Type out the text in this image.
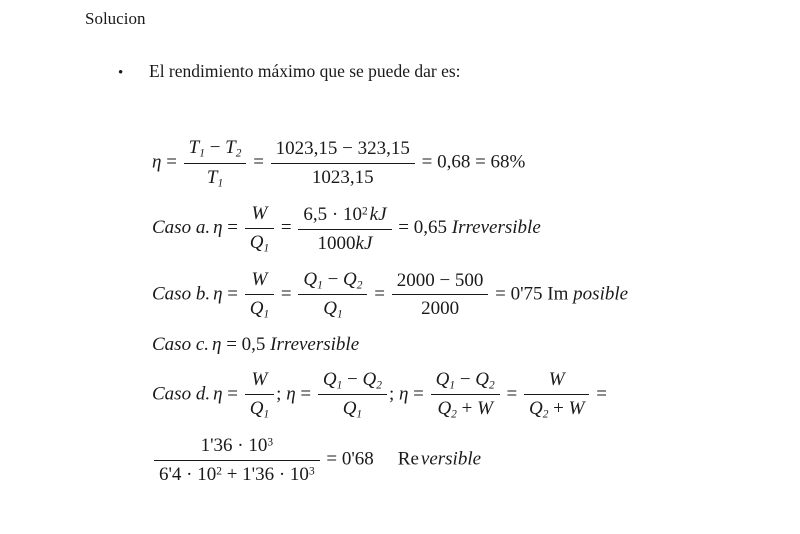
Solucion
• El rendimiento máximo que se puede dar es:
$\eta = \frac{T_1 - T_2}{T_1} = \frac{1023,15 - 323,15}{1023,15} = 0,68 = 68\%$
Caso a. $\eta = \frac{W}{Q_1} = \frac{6,5 \cdot 10^2 kJ}{1000kJ} = 0,65$ Irreversible
Caso b. $\eta = \frac{W}{Q_1} = \frac{Q_1 - Q_2}{Q_1} = \frac{2000 - 500}{2000} = 0'75$ Im posible
Caso c. η = 0,5 Irreversible
Caso d. $\eta = \frac{W}{Q_1}$ ; $\eta = \frac{Q_1 - Q_2}{Q_1}$ ; $\eta = \frac{Q_1 - Q_2}{Q_2 + W} = \frac{W}{Q_2 + W}$ =
$\frac{1'36 \cdot 10^3}{6'4 \cdot 10^2 + 1'36 \cdot 10^3} = 0'68$ Re versible
